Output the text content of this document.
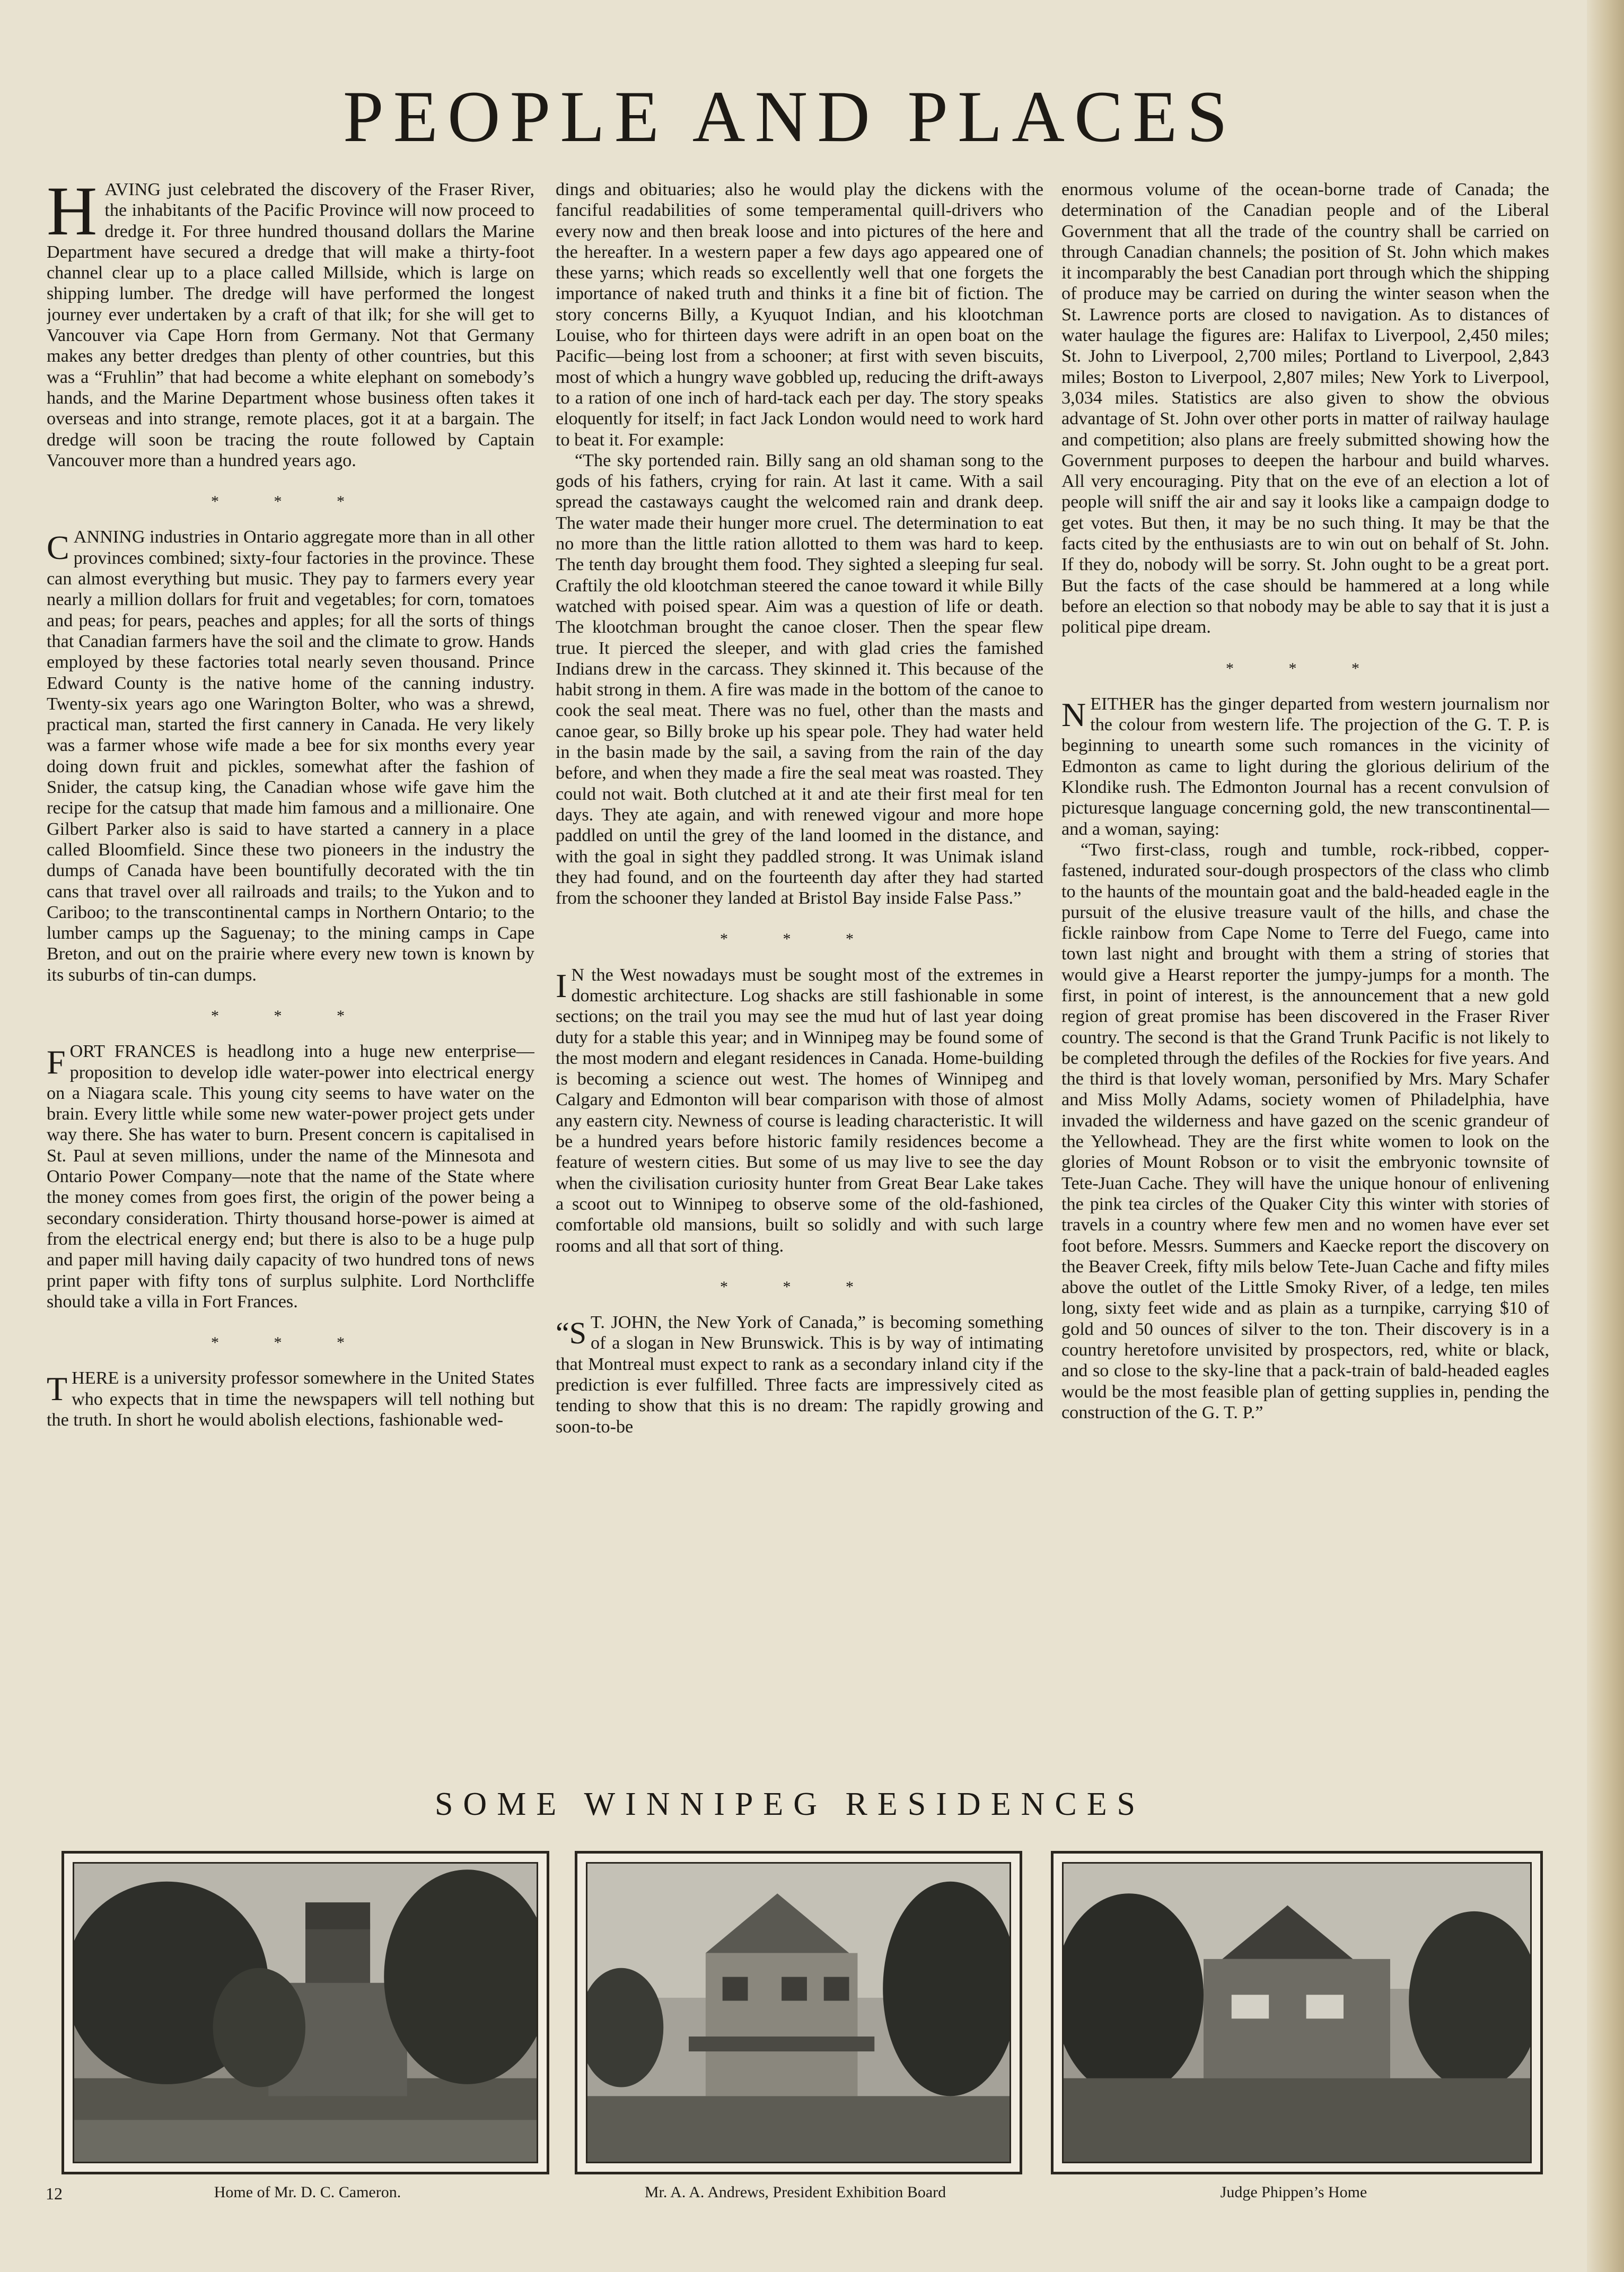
PEOPLE AND PLACES

HAVING just celebrated the discovery of the Fraser River, the inhabitants of the Pacific Province will now proceed to dredge it. For three hundred thousand dollars the Marine Department have secured a dredge that will make a thirty-foot channel clear up to a place called Millside, which is large on shipping lumber. The dredge will have performed the longest journey ever undertaken by a craft of that ilk; for she will get to Vancouver via Cape Horn from Germany. Not that Germany makes any better dredges than plenty of other countries, but this was a “Fruhlin” that had become a white elephant on somebody’s hands, and the Marine Department whose business often takes it overseas and into strange, remote places, got it at a bargain. The dredge will soon be tracing the route followed by Captain Vancouver more than a hundred years ago.

* * *

CANNING industries in Ontario aggregate more than in all other provinces combined; sixty-four factories in the province. These can almost everything but music. They pay to farmers every year nearly a million dollars for fruit and vegetables; for corn, tomatoes and peas; for pears, peaches and apples; for all the sorts of things that Canadian farmers have the soil and the climate to grow. Hands employed by these factories total nearly seven thousand. Prince Edward County is the native home of the canning industry. Twenty-six years ago one Warington Bolter, who was a shrewd, practical man, started the first cannery in Canada. He very likely was a farmer whose wife made a bee for six months every year doing down fruit and pickles, somewhat after the fashion of Snider, the catsup king, the Canadian whose wife gave him the recipe for the catsup that made him famous and a millionaire. One Gilbert Parker also is said to have started a cannery in a place called Bloomfield. Since these two pioneers in the industry the dumps of Canada have been bountifully decorated with the tin cans that travel over all railroads and trails; to the Yukon and to Cariboo; to the transcontinental camps in Northern Ontario; to the lumber camps up the Saguenay; to the mining camps in Cape Breton, and out on the prairie where every new town is known by its suburbs of tin-can dumps.

* * *

FORT FRANCES is headlong into a huge new enterprise—proposition to develop idle water-power into electrical energy on a Niagara scale. This young city seems to have water on the brain. Every little while some new water-power project gets under way there. She has water to burn. Present concern is capitalised in St. Paul at seven millions, under the name of the Minnesota and Ontario Power Company—note that the name of the State where the money comes from goes first, the origin of the power being a secondary consideration. Thirty thousand horse-power is aimed at from the electrical energy end; but there is also to be a huge pulp and paper mill having daily capacity of two hundred tons of news print paper with fifty tons of surplus sulphite. Lord Northcliffe should take a villa in Fort Frances.

* * *

THERE is a university professor somewhere in the United States who expects that in time the newspapers will tell nothing but the truth. In short he would abolish elections, fashionable wed-

dings and obituaries; also he would play the dickens with the fanciful readabilities of some temperamental quill-drivers who every now and then break loose and into pictures of the here and the hereafter. In a western paper a few days ago appeared one of these yarns; which reads so excellently well that one forgets the importance of naked truth and thinks it a fine bit of fiction. The story concerns Billy, a Kyuquot Indian, and his klootchman Louise, who for thirteen days were adrift in an open boat on the Pacific—being lost from a schooner; at first with seven biscuits, most of which a hungry wave gobbled up, reducing the drift-aways to a ration of one inch of hard-tack each per day. The story speaks eloquently for itself; in fact Jack London would need to work hard to beat it. For example:

“The sky portended rain. Billy sang an old shaman song to the gods of his fathers, crying for rain. At last it came. With a sail spread the castaways caught the welcomed rain and drank deep. The water made their hunger more cruel. The determination to eat no more than the little ration allotted to them was hard to keep. The tenth day brought them food. They sighted a sleeping fur seal. Craftily the old klootchman steered the canoe toward it while Billy watched with poised spear. Aim was a question of life or death. The klootchman brought the canoe closer. Then the spear flew true. It pierced the sleeper, and with glad cries the famished Indians drew in the carcass. They skinned it. This because of the habit strong in them. A fire was made in the bottom of the canoe to cook the seal meat. There was no fuel, other than the masts and canoe gear, so Billy broke up his spear pole. They had water held in the basin made by the sail, a saving from the rain of the day before, and when they made a fire the seal meat was roasted. They could not wait. Both clutched at it and ate their first meal for ten days. They ate again, and with renewed vigour and more hope paddled on until the grey of the land loomed in the distance, and with the goal in sight they paddled strong. It was Unimak island they had found, and on the fourteenth day after they had started from the schooner they landed at Bristol Bay inside False Pass.”

* * *

I N the West nowadays must be sought most of the extremes in domestic architecture. Log shacks are still fashionable in some sections; on the trail you may see the mud hut of last year doing duty for a stable this year; and in Winnipeg may be found some of the most modern and elegant residences in Canada. Home-building is becoming a science out west. The homes of Winnipeg and Calgary and Edmonton will bear comparison with those of almost any eastern city. Newness of course is leading characteristic. It will be a hundred years before historic family residences become a feature of western cities. But some of us may live to see the day when the civilisation curiosity hunter from Great Bear Lake takes a scoot out to Winnipeg to observe some of the old-fashioned, comfortable old mansions, built so solidly and with such large rooms and all that sort of thing.

* * *

“S T. JOHN, the New York of Canada,” is becoming something of a slogan in New Brunswick. This is by way of intimating that Montreal must expect to rank as a secondary inland city if the prediction is ever fulfilled. Three facts are impressively cited as tending to show that this is no dream: The rapidly growing and soon-to-be

enormous volume of the ocean-borne trade of Canada; the determination of the Canadian people and of the Liberal Government that all the trade of the country shall be carried on through Canadian channels; the position of St. John which makes it incomparably the best Canadian port through which the shipping of produce may be carried on during the winter season when the St. Lawrence ports are closed to navigation. As to distances of water haulage the figures are: Halifax to Liverpool, 2,450 miles; St. John to Liverpool, 2,700 miles; Portland to Liverpool, 2,843 miles; Boston to Liverpool, 2,807 miles; New York to Liverpool, 3,034 miles. Statistics are also given to show the obvious advantage of St. John over other ports in matter of railway haulage and competition; also plans are freely submitted showing how the Government purposes to deepen the harbour and build wharves. All very encouraging. Pity that on the eve of an election a lot of people will sniff the air and say it looks like a campaign dodge to get votes. But then, it may be no such thing. It may be that the facts cited by the enthusiasts are to win out on behalf of St. John. If they do, nobody will be sorry. St. John ought to be a great port. But the facts of the case should be hammered at a long while before an election so that nobody may be able to say that it is just a political pipe dream.

* * *

NEITHER has the ginger departed from western journalism nor the colour from western life. The projection of the G. T. P. is beginning to unearth some such romances in the vicinity of Edmonton as came to light during the glorious delirium of the Klondike rush. The Edmonton Journal has a recent convulsion of picturesque language concerning gold, the new transcontinental—and a woman, saying:

“Two first-class, rough and tumble, rock-ribbed, copper-fastened, indurated sour-dough prospectors of the class who climb to the haunts of the mountain goat and the bald-headed eagle in the pursuit of the elusive treasure vault of the hills, and chase the fickle rainbow from Cape Nome to Terre del Fuego, came into town last night and brought with them a string of stories that would give a Hearst reporter the jumpy-jumps for a month. The first, in point of interest, is the announcement that a new gold region of great promise has been discovered in the Fraser River country. The second is that the Grand Trunk Pacific is not likely to be completed through the defiles of the Rockies for five years. And the third is that lovely woman, personified by Mrs. Mary Schafer and Miss Molly Adams, society women of Philadelphia, have invaded the wilderness and have gazed on the scenic grandeur of the Yellowhead. They are the first white women to look on the glories of Mount Robson or to visit the embryonic townsite of Tete-Juan Cache. They will have the unique honour of enlivening the pink tea circles of the Quaker City this winter with stories of travels in a country where few men and no women have ever set foot before. Messrs. Summers and Kaecke report the discovery on the Beaver Creek, fifty mils below Tete-Juan Cache and fifty miles above the outlet of the Little Smoky River, of a ledge, ten miles long, sixty feet wide and as plain as a turnpike, carrying $10 of gold and 50 ounces of silver to the ton. Their discovery is in a country heretofore unvisited by prospectors, red, white or black, and so close to the sky-line that a pack-train of bald-headed eagles would be the most feasible plan of getting supplies in, pending the construction of the G. T. P.”

SOME WINNIPEG RESIDENCES
12	Home of Mr. D. C. Cameron.	Mr. A. A. Andrews, President Exhibition Board	Judge Phippen’s Home
